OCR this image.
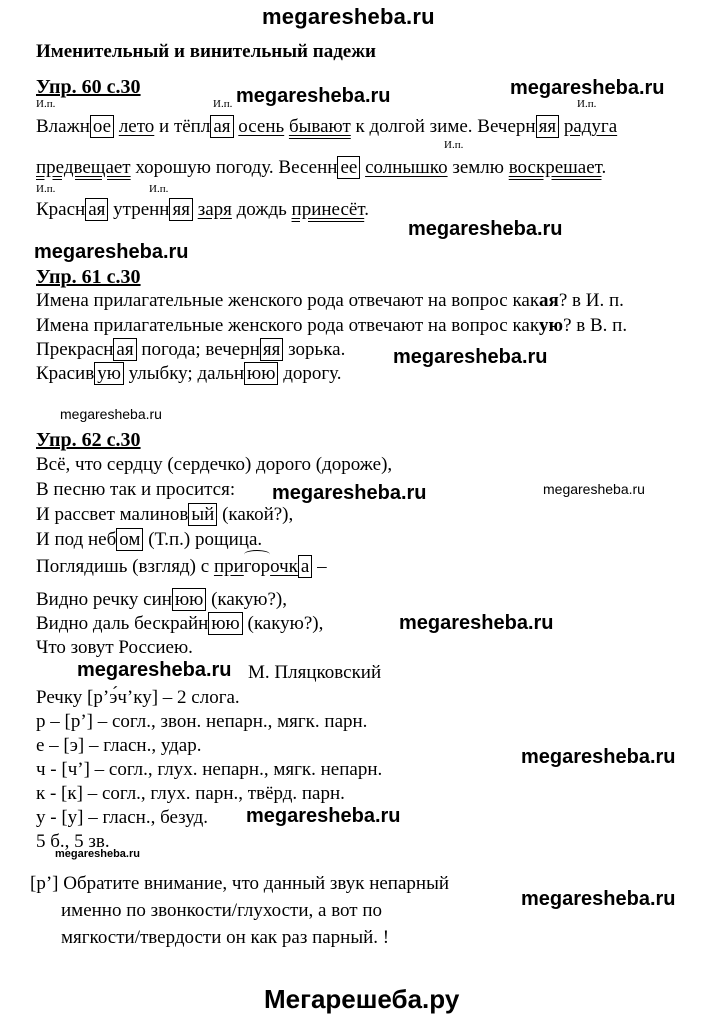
megaresheba.ru
megaresheba.ru	megaresheba.ru
megaresheba.ru
megaresheba.ru
megaresheba.ru
megaresheba.ru
megaresheba.ru	megaresheba.ru
megaresheba.ru
megaresheba.ru
megaresheba.ru
megaresheba.ru
megaresheba.ru
megaresheba.ru
Именительный и винительный падежи
Упр. 60 с.30
И.п.	И.п.	И.п.
И.п.
И.п.	И.п.
Влажн ое лето и тёпл ая осень бывают к долгой зиме. Вечерн яя радуга
предвещает хорошую погоду. Весенн ее солнышко землю воскрешает.
Красн ая утренн яя заря дождь принесёт.
Упр. 61 с.30
Имена прилагательные женского рода отвечают на вопрос какая? в И. п.
Имена прилагательные женского рода отвечают на вопрос какую? в В. п.
Прекрасн ая погода; вечерн яя зорька.
Красив ую улыбку; дальн юю дорогу.
Упр. 62 с.30
Всё, что сердцу (сердечко) дорого (дороже),
В песню так и просится:
И рассвет малинов ый (какой?),
И под неб ом (Т.п.) рощица.
Поглядишь (взгляд) с пригорочк а –
Видно речку син юю (какую?),
Видно даль бескрайн юю (какую?),
Что зовут Россиею.
М. Пляцковский
Речку [р’э́ч’ку] – 2 слога.
р – [р’] – согл., звон. непарн., мягк. парн.
е – [э] – гласн., удар.
ч - [ч’] – согл., глух. непарн., мягк. непарн.
к - [к] – согл., глух. парн., твёрд. парн.
у - [у] – гласн., безуд.
5 б., 5 зв.
[р’] Обратите внимание, что данный звук непарный
именно по звонкости/глухости, а вот по
мягкости/твердости он как раз парный. !
Мегарешеба.ру
